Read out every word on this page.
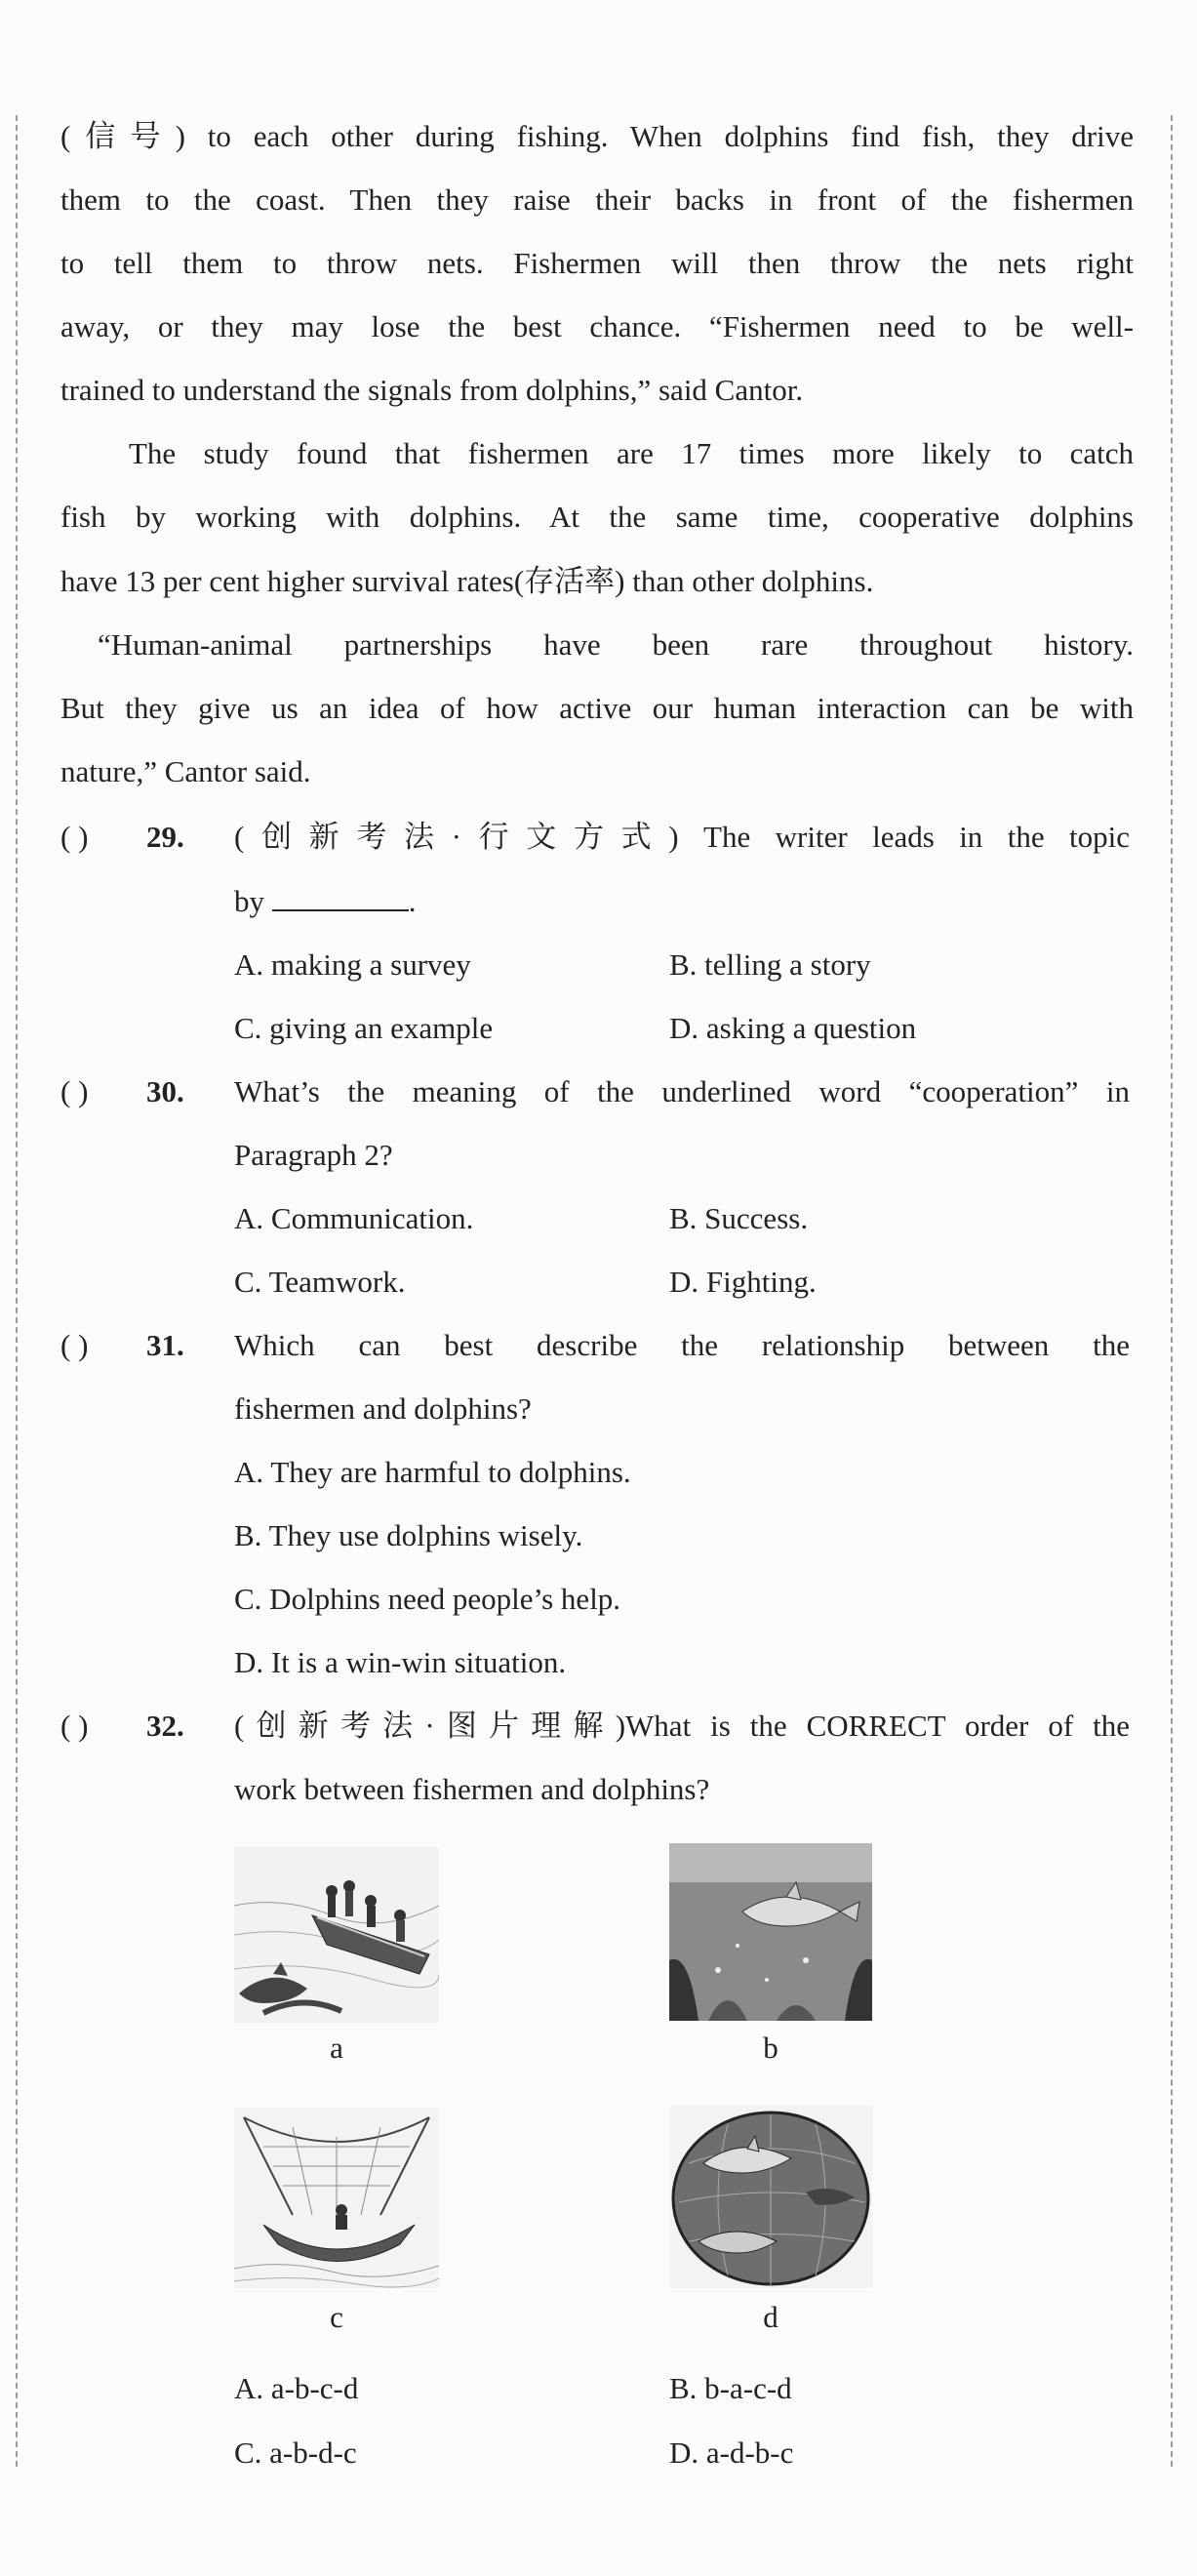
(信号) to each other during fishing. When dolphins find fish, they drive
them to the coast. Then they raise their backs in front of the fishermen
to tell them to throw nets. Fishermen will then throw the nets right
away, or they may lose the best chance. “Fishermen need to be well-
trained to understand the signals from dolphins,” said Cantor.
The study found that fishermen are 17 times more likely to catch
fish by working with dolphins. At the same time, cooperative dolphins
have 13 per cent higher survival rates(存活率) than other dolphins.
“Human-animal partnerships have been rare throughout history.
But they give us an idea of how active our human interaction can be with
nature,” Cantor said.
( ) 29. (创新考法·行文方式) The writer leads in the topic
by	.
A. making a survey	B. telling a story
C. giving an example	D. asking a question
( ) 30. What’s the meaning of the underlined word “cooperation” in
Paragraph 2?
A. Communication.	B. Success.
C. Teamwork.	D. Fighting.
( ) 31. Which can best describe the relationship between the
fishermen and dolphins?
A. They are harmful to dolphins.
B. They use dolphins wisely.
C. Dolphins need people’s help.
D. It is a win-win situation.
( ) 32. (创新考法·图片理解)What is the CORRECT order of the
work between fishermen and dolphins?
a	b
c	d
A. a-b-c-d	B. b-a-c-d
C. a-b-d-c	D. a-d-b-c
